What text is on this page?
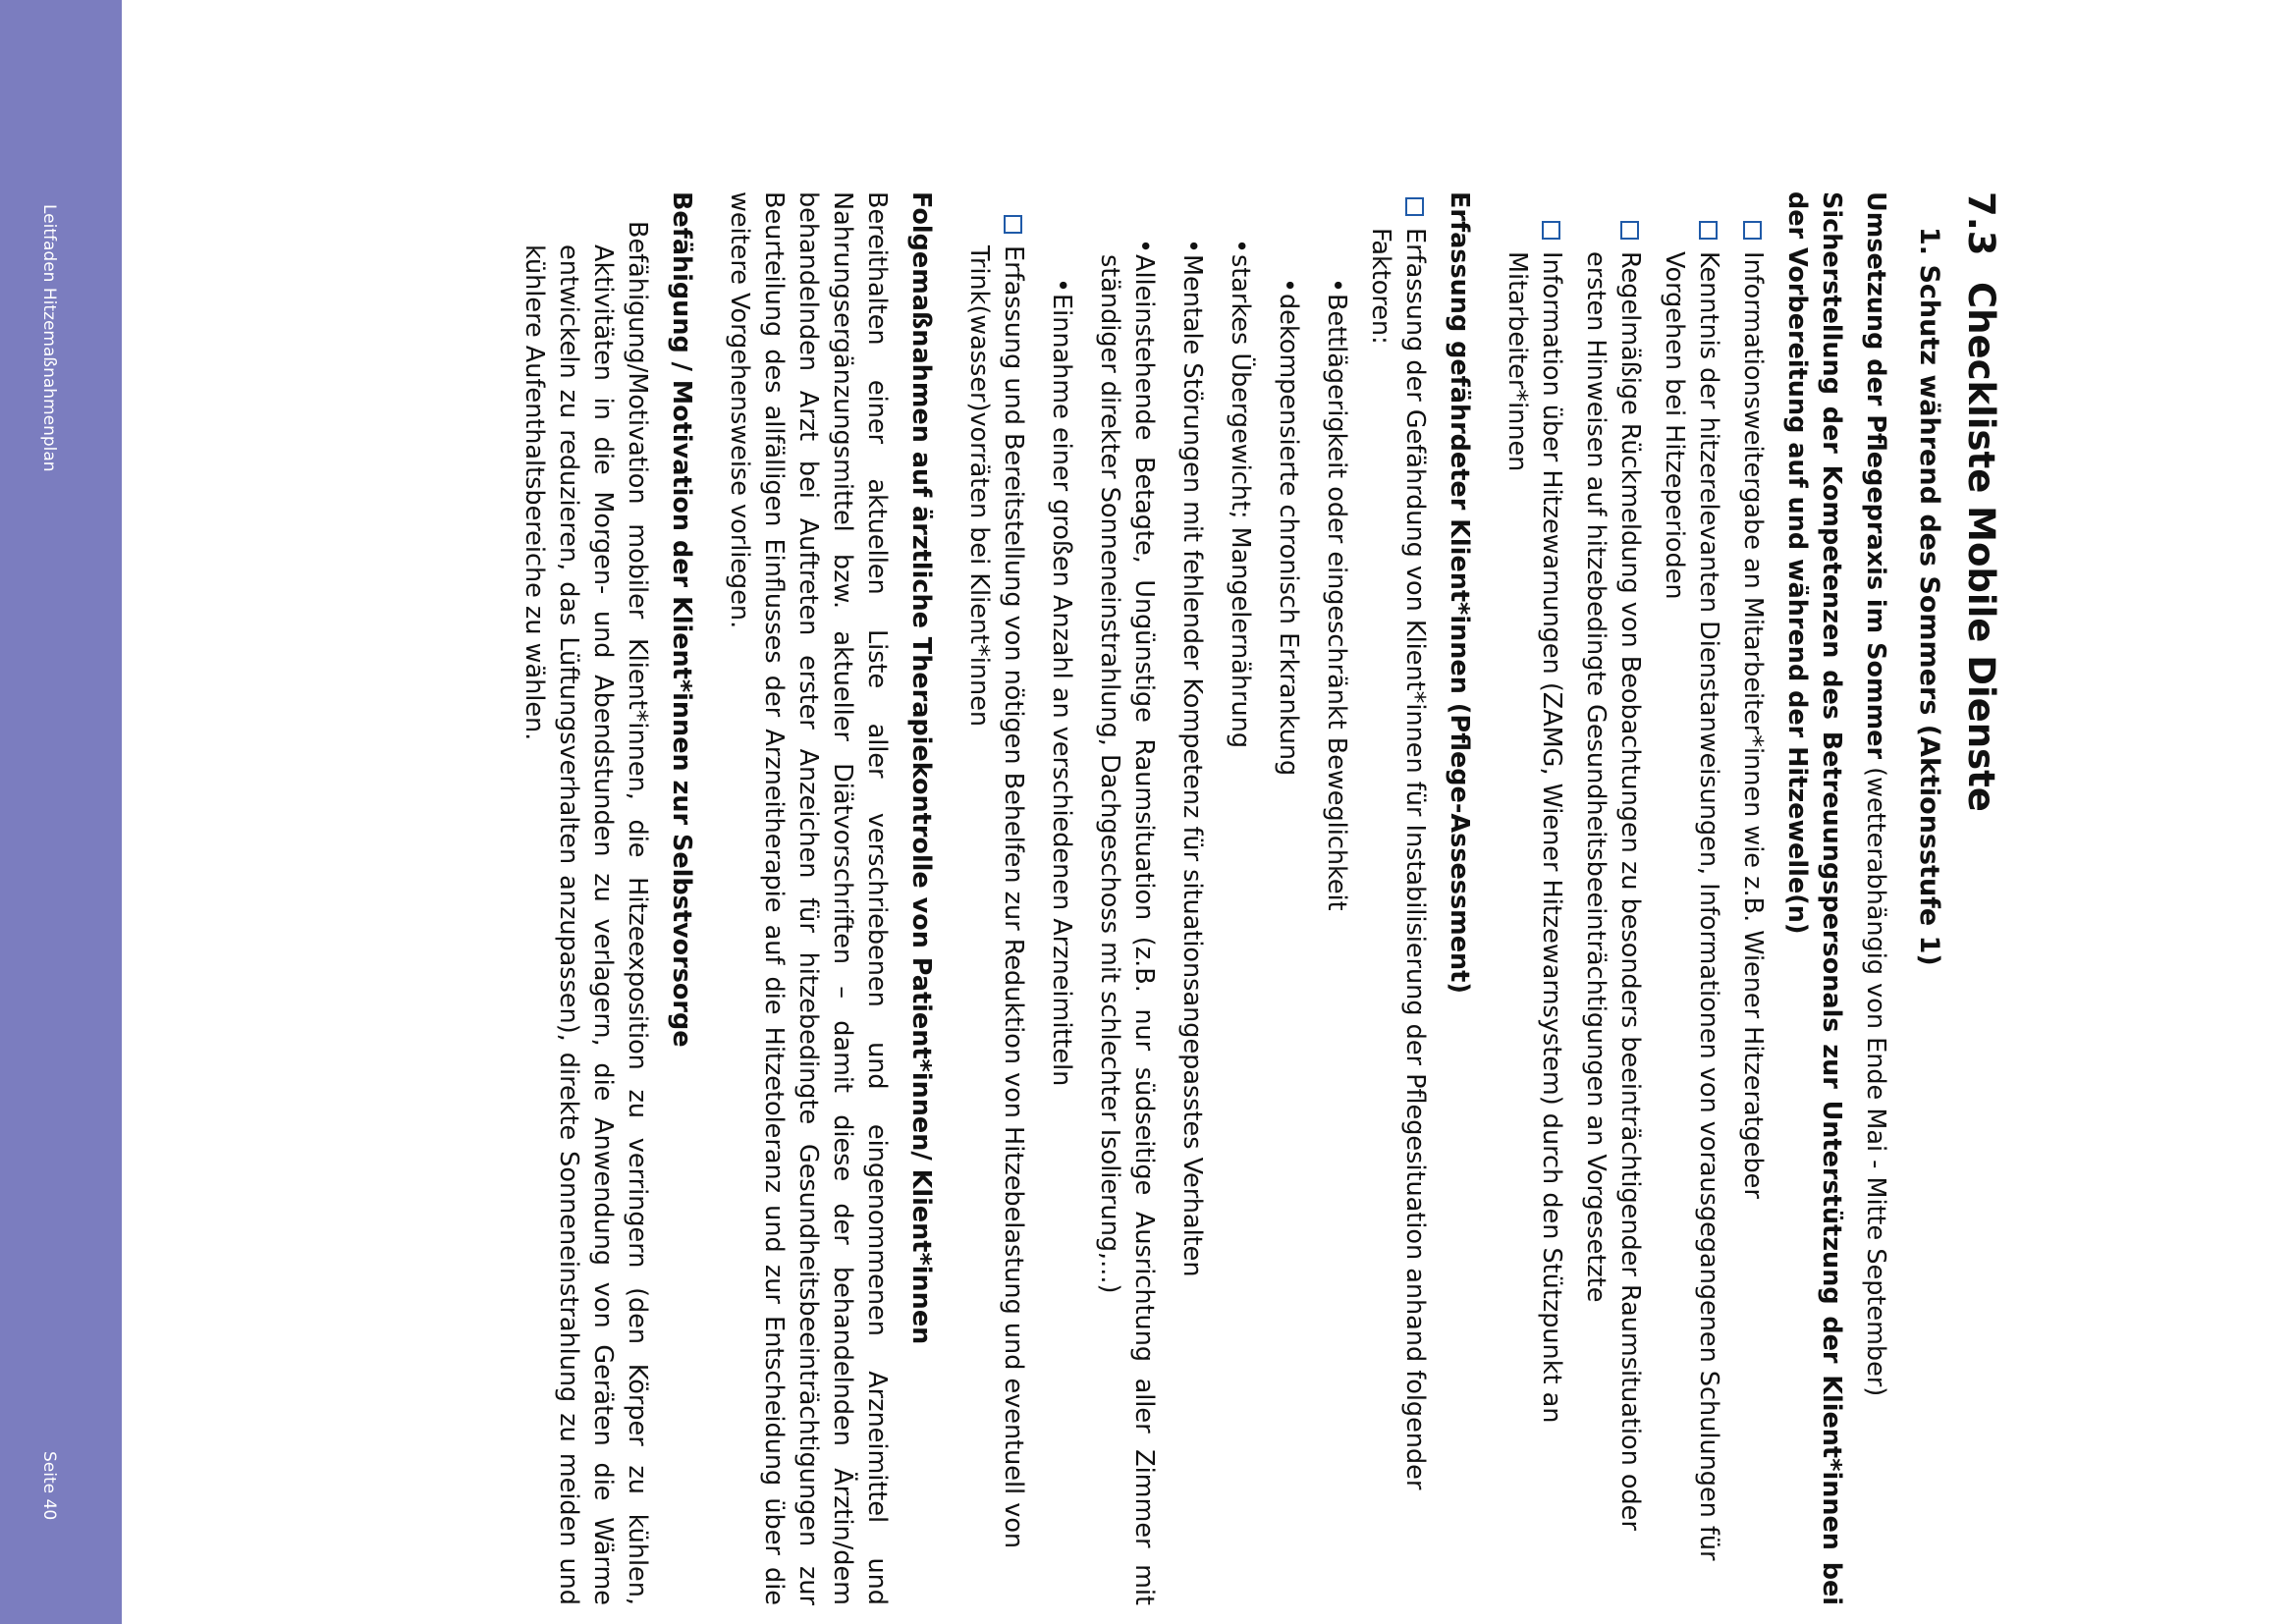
Leitfaden Hitzemaßnahmenplan
Seite 40
7.3
Checkliste Mobile Dienste
1. Schutz während des Sommers (Aktionsstufe 1)
Umsetzung der Pflegepraxis im Sommer (wetterabhängig von Ende Mai - Mitte September)
Sicherstellung der Kompetenzen des Betreuungspersonals zur Unterstützung der Klient*innen bei der Vorbereitung auf und während der Hitzewelle(n)
Informationsweitergabe an Mitarbeiter*innen wie z.B. Wiener Hitzeratgeber
Kenntnis der hitzerelevanten Dienstanweisungen, Informationen von vorausgegangenen Schulungen für Vorgehen bei Hitzeperioden
Regelmäßige Rückmeldung von Beobachtungen zu besonders beeinträchtigender Raumsituation oder ersten Hinweisen auf hitzebedingte Gesundheitsbeeinträchtigungen an Vorgesetzte
Information über Hitzewarnungen (ZAMG, Wiener Hitzewarnsystem) durch den Stützpunkt an Mitarbeiter*innen
Erfassung gefährdeter Klient*innen (Pflege-Assessment)
Erfassung der Gefährdung von Klient*innen für Instabilisierung der Pflegesituation anhand folgender Faktoren:
•
Bettlägerigkeit oder eingeschränkt Beweglichkeit
•
dekompensierte chronisch Erkrankung
•
starkes Übergewicht; Mangelernährung
•
Mentale Störungen mit fehlender Kompetenz für situationsangepasstes Verhalten
•
Alleinstehende Betagte, Ungünstige Raumsituation (z.B. nur südseitige Ausrichtung aller Zimmer mit ständiger direkter Sonneneinstrahlung, Dachgeschoss mit schlechter Isolierung,...)
•
Einnahme einer großen Anzahl an verschiedenen Arzneimitteln
Erfassung und Bereitstellung von nötigen Behelfen zur Reduktion von Hitzebelastung und eventuell von Trink(wasser)vorräten bei Klient*innen
Folgemaßnahmen auf ärztliche Therapiekontrolle von Patient*innen/ Klient*innen
Bereithalten einer aktuellen Liste aller verschriebenen und eingenommenen Arzneimittel und Nahrungsergänzungsmittel bzw. aktueller Diätvorschriften – damit diese der behandelnden Ärztin/dem behandelnden Arzt bei Auftreten erster Anzeichen für hitzebedingte Gesundheitsbeeinträchtigungen zur Beurteilung des allfälligen Einflusses der Arzneitherapie auf die Hitzetoleranz und zur Entscheidung über die weitere Vorgehensweise vorliegen.
Befähigung / Motivation der Klient*innen zur Selbstvorsorge
Befähigung/Motivation mobiler Klient*innen, die Hitzeexposition zu verringern (den Körper zu kühlen, Aktivitäten in die Morgen- und Abendstunden zu verlagern, die Anwendung von Geräten die Wärme entwickeln zu reduzieren, das Lüftungsverhalten anzupassen), direkte Sonneneinstrahlung zu meiden und kühlere Aufenthaltsbereiche zu wählen.
